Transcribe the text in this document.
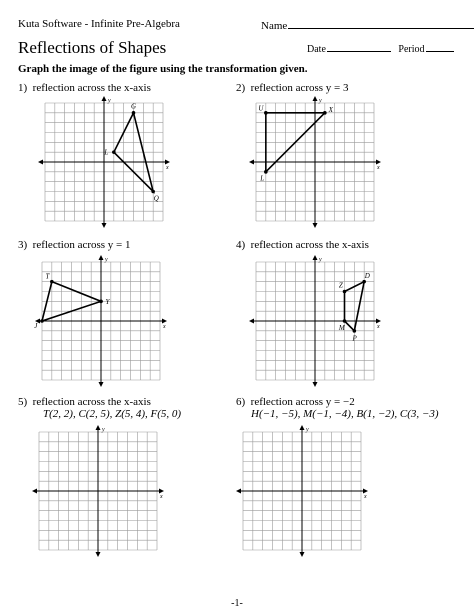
Kuta Software - Infinite Pre-Algebra	Name
Reflections of Shapes	Date	Period
Graph the image of the figure using the transformation given.
1) reflection across the x-axis	2) reflection across y = 3
3) reflection across y = 1	4) reflection across the x-axis
5) reflection across the x-axis
T(2, 2), C(2, 5), Z(5, 4), F(5, 0)
6) reflection across y = −2
H(−1, −5), M(−1, −4), B(1, −2), C(3, −3)
y
x
G
L
Q
y
x
U	X
L
y
x
T
Y
J
y
x
Z
D
P
M
y
x
y
x
-1-
